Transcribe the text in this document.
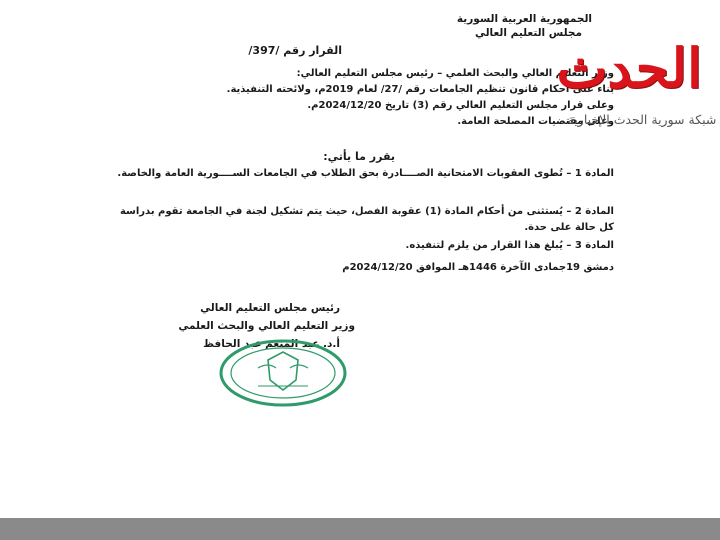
الجمهورية العربية السورية
مجلس التعليم العالي
القرار رقم /397/
وزير التعليم العالي والبحث العلمي – رئيس مجلس التعليم العالي:
بناء على أحكام قانون تنظيم الجامعات رقم /27/ لعام 2019م، ولائحته التنفيذية.
وعلى قرار مجلس التعليم العالي رقم (3) تاريخ 2024/12/20م.
وعلى مقتضيات المصلحة العامة.
يقرر ما يأتي:
المادة 1 – تُطوى العقوبات الامتحانية الصــــادرة بحق الطلاب في الجامعات الســــورية العامة والخاصة.
المادة 2 – يُستثنى من أحكام المادة (1) عقوبة الفصل، حيث يتم تشكيل لجنة في الجامعة تقوم بدراسة كل حالة على حدة.
المادة 3 – يُبلغ هذا القرار من يلزم لتنفيذه.
دمشق 19جمادى الآخرة 1446هـ الموافق 2024/12/20م
رئيس مجلس التعليم العالي
وزير التعليم العالي والبحث العلمي
أ.د. عبد المنعم عبد الحافظ
الحدث
شبكة سورية الحدث الإخبارية
